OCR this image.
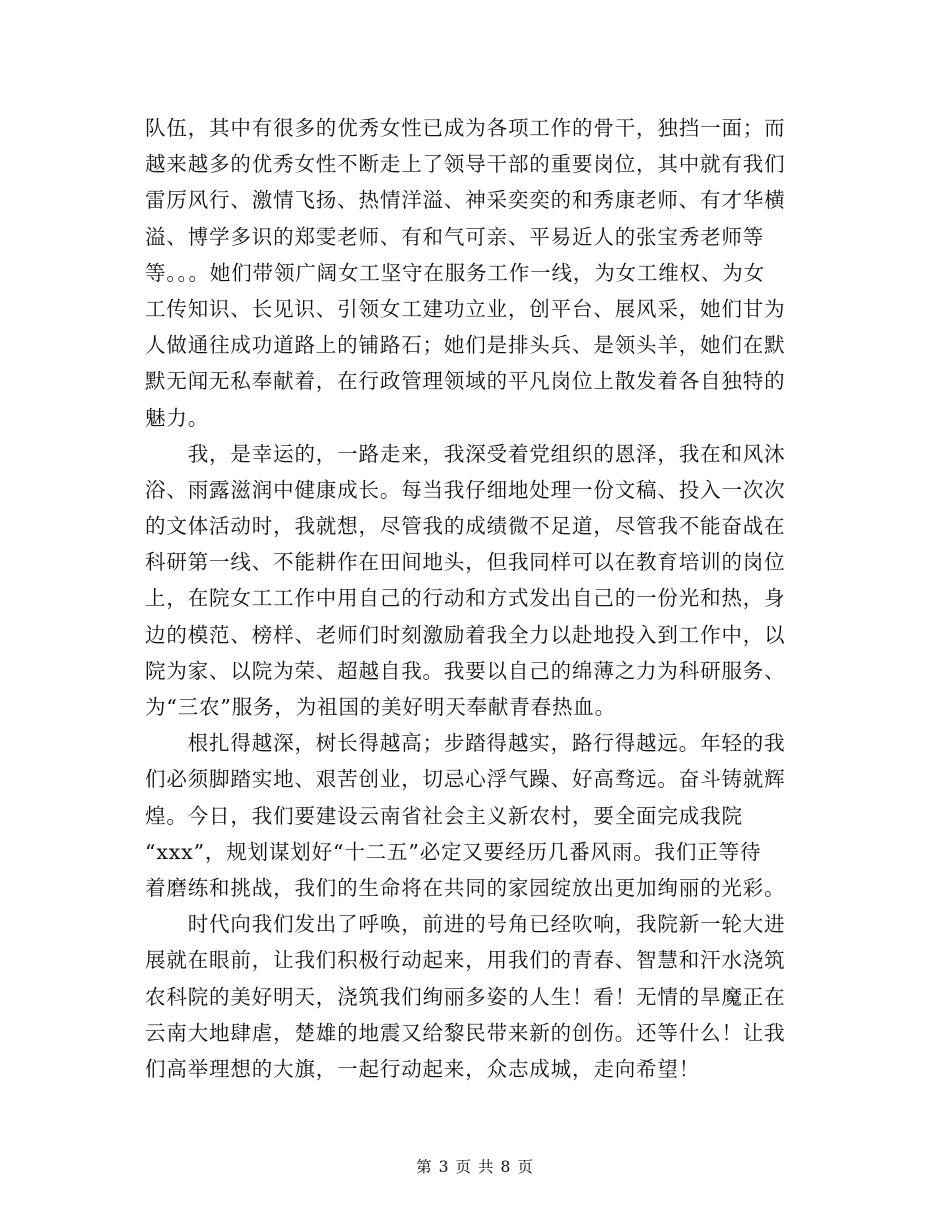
队伍，其中有很多的优秀女性已成为各项工作的骨干，独挡一面；而
越来越多的优秀女性不断走上了领导干部的重要岗位，其中就有我们
雷厉风行、激情飞扬、热情洋溢、神采奕奕的和秀康老师、有才华横
溢、博学多识的郑雯老师、有和气可亲、平易近人的张宝秀老师等
等。。。她们带领广阔女工坚守在服务工作一线，为女工维权、为女
工传知识、长见识、引领女工建功立业，创平台、展风采，她们甘为
人做通往成功道路上的铺路石；她们是排头兵、是领头羊，她们在默
默无闻无私奉献着，在行政管理领域的平凡岗位上散发着各自独特的
魅力。
　　我，是幸运的，一路走来，我深受着党组织的恩泽，我在和风沐
浴、雨露滋润中健康成长。每当我仔细地处理一份文稿、投入一次次
的文体活动时，我就想，尽管我的成绩微不足道，尽管我不能奋战在
科研第一线、不能耕作在田间地头，但我同样可以在教育培训的岗位
上，在院女工工作中用自己的行动和方式发出自己的一份光和热，身
边的模范、榜样、老师们时刻激励着我全力以赴地投入到工作中，以
院为家、以院为荣、超越自我。我要以自己的绵薄之力为科研服务、
为“三农”服务，为祖国的美好明天奉献青春热血。
　　根扎得越深，树长得越高；步踏得越实，路行得越远。年轻的我
们必须脚踏实地、艰苦创业，切忌心浮气躁、好高骛远。奋斗铸就辉
煌。今日，我们要建设云南省社会主义新农村，要全面完成我院
“xxx”，规划谋划好“十二五”必定又要经历几番风雨。我们正等待
着磨练和挑战，我们的生命将在共同的家园绽放出更加绚丽的光彩。
　　时代向我们发出了呼唤，前进的号角已经吹响，我院新一轮大进
展就在眼前，让我们积极行动起来，用我们的青春、智慧和汗水浇筑
农科院的美好明天，浇筑我们绚丽多姿的人生！看！无情的旱魔正在
云南大地肆虐，楚雄的地震又给黎民带来新的创伤。还等什么！让我
们高举理想的大旗，一起行动起来，众志成城，走向希望！
第 3 页 共 8 页
